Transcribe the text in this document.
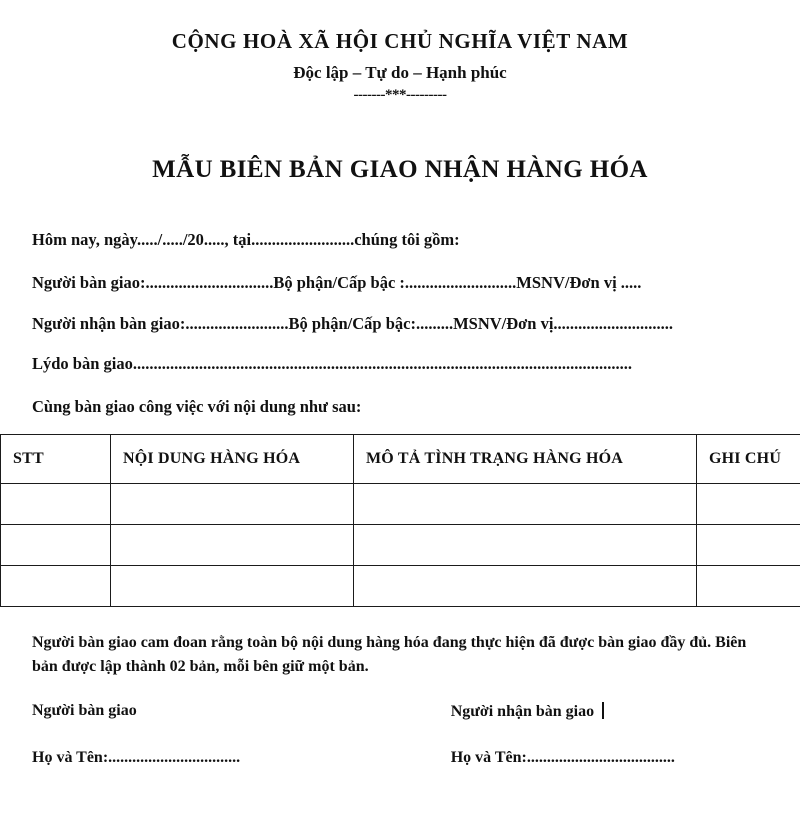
CỘNG HOÀ XÃ HỘI CHỦ NGHĨA VIỆT NAM
Độc lập – Tự do – Hạnh phúc
-------***---------
MẪU BIÊN BẢN GIAO NHẬN HÀNG HÓA
Hôm nay, ngày...../...../20....., tại.........................chúng tôi gồm:
Người bàn giao:...............................Bộ phận/Cấp bậc :...........................MSNV/Đơn vị .....
Người nhận bàn giao:.........................Bộ phận/Cấp bậc:.........MSNV/Đơn vị.............................
Lýdo bàn giao.........................................................................................................................
Cùng bàn giao công việc với nội dung như sau:
STT	NỘI DUNG HÀNG HÓA	MÔ TẢ TÌNH TRẠNG HÀNG HÓA	GHI CHÚ

Người bàn giao cam đoan rằng toàn bộ nội dung hàng hóa đang thực hiện đã được bàn giao đầy đủ. Biên bản được lập thành 02 bản, mỗi bên giữ một bản.
Người bàn giao	Người nhận bàn giao
Họ và Tên:.................................	Họ và Tên:.....................................
